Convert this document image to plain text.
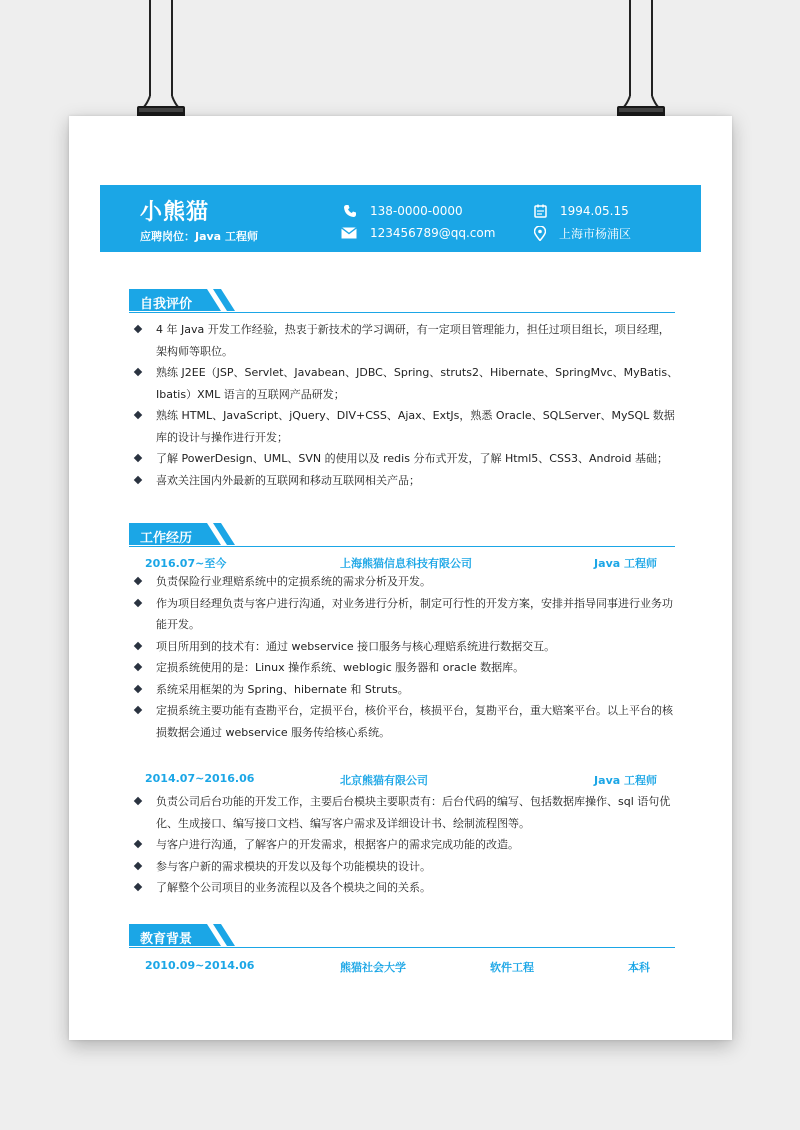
小熊猫
应聘岗位：Java 工程师
138-0000-0000	1994.05.15
123456789@qq.com	上海市杨浦区
自我评价
4 年 Java 开发工作经验，热衷于新技术的学习调研，有一定项目管理能力，担任过项目组长，项目经理，架构师等职位。
熟练 J2EE（JSP、Servlet、Javabean、JDBC、Spring、struts2、Hibernate、SpringMvc、MyBatis、Ibatis）XML 语言的互联网产品研发；
熟练 HTML、JavaScript、jQuery、DIV+CSS、Ajax、ExtJs，熟悉 Oracle、SQLServer、MySQL 数据库的设计与操作进行开发；
了解 PowerDesign、UML、SVN 的使用以及 redis 分布式开发，了解 Html5、CSS3、Android 基础；
喜欢关注国内外最新的互联网和移动互联网相关产品；
工作经历
2016.07~至今	上海熊猫信息科技有限公司	Java 工程师
负责保险行业理赔系统中的定损系统的需求分析及开发。
作为项目经理负责与客户进行沟通，对业务进行分析，制定可行性的开发方案，安排并指导同事进行业务功能开发。
项目所用到的技术有：通过 webservice 接口服务与核心理赔系统进行数据交互。
定损系统使用的是：Linux 操作系统、weblogic 服务器和 oracle 数据库。
系统采用框架的为 Spring、hibernate 和 Struts。
定损系统主要功能有查勘平台，定损平台，核价平台，核损平台，复勘平台，重大赔案平台。以上平台的核损数据会通过 webservice 服务传给核心系统。
2014.07~2016.06	北京熊猫有限公司	Java 工程师
负责公司后台功能的开发工作，主要后台模块主要职责有：后台代码的编写、包括数据库操作、sql 语句优化、生成接口、编写接口文档、编写客户需求及详细设计书、绘制流程图等。
与客户进行沟通，了解客户的开发需求，根据客户的需求完成功能的改造。
参与客户新的需求模块的开发以及每个功能模块的设计。
了解整个公司项目的业务流程以及各个模块之间的关系。
教育背景
2010.09~2014.06	熊猫社会大学	软件工程	本科
